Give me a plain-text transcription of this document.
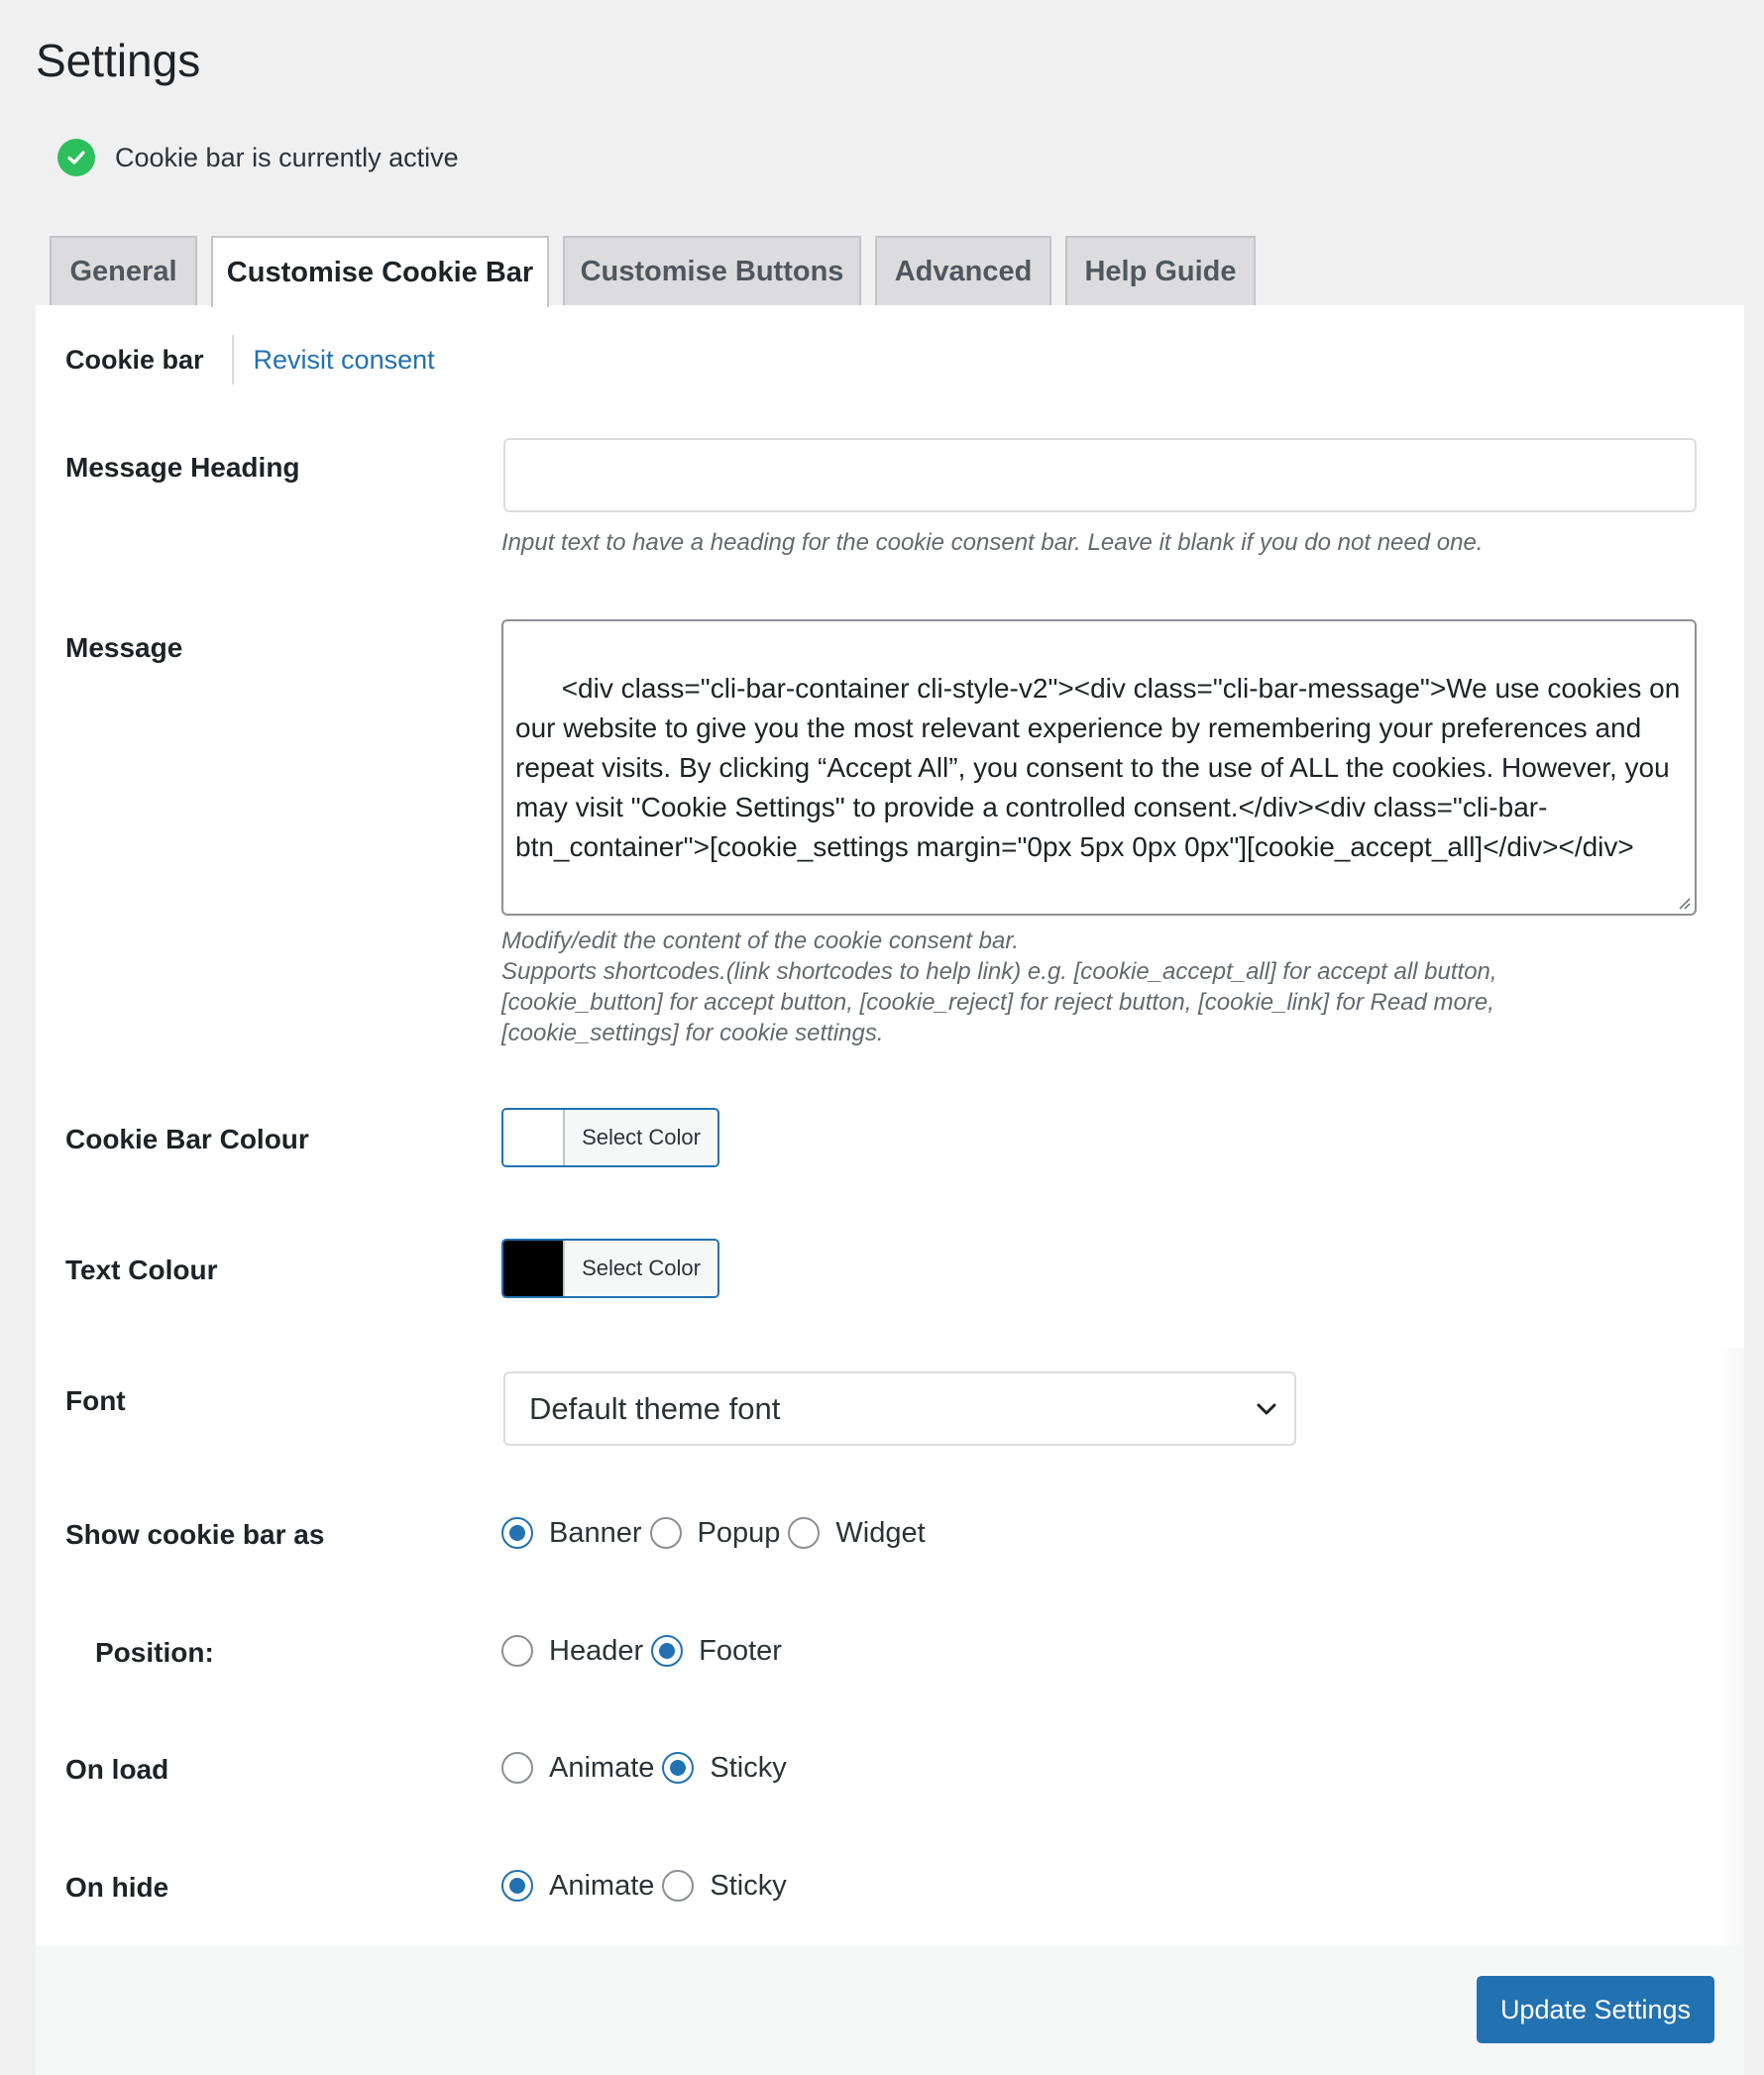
Settings
Cookie bar is currently active
General	Customise Cookie Bar	Customise Buttons	Advanced	Help Guide
Cookie bar	Revisit consent
Message Heading
Input text to have a heading for the cookie consent bar. Leave it blank if you do not need one.
Message

<div class="cli-bar-container cli-style-v2"><div class="cli-bar-message">We use cookies on our website to give you the most relevant experience by remembering your preferences and repeat visits. By clicking “Accept All”, you consent to the use of ALL the cookies. However, you may visit "Cookie Settings" to provide a controlled consent.</div><div class="cli-bar-btn_container">[cookie_settings margin="0px 5px 0px 0px"][cookie_accept_all]</div></div>

Modify/edit the content of the cookie consent bar.
Supports shortcodes.(link shortcodes to help link) e.g. [cookie_accept_all] for accept all button, [cookie_button] for accept button, [cookie_reject] for reject button, [cookie_link] for Read more, [cookie_settings] for cookie settings.
Cookie Bar Colour	Select Color
Text Colour	Select Color
Font	Default theme font
Show cookie bar as	Banner Popup Widget
Position:	Header Footer
On load	Animate Sticky
On hide	Animate Sticky
Update Settings
